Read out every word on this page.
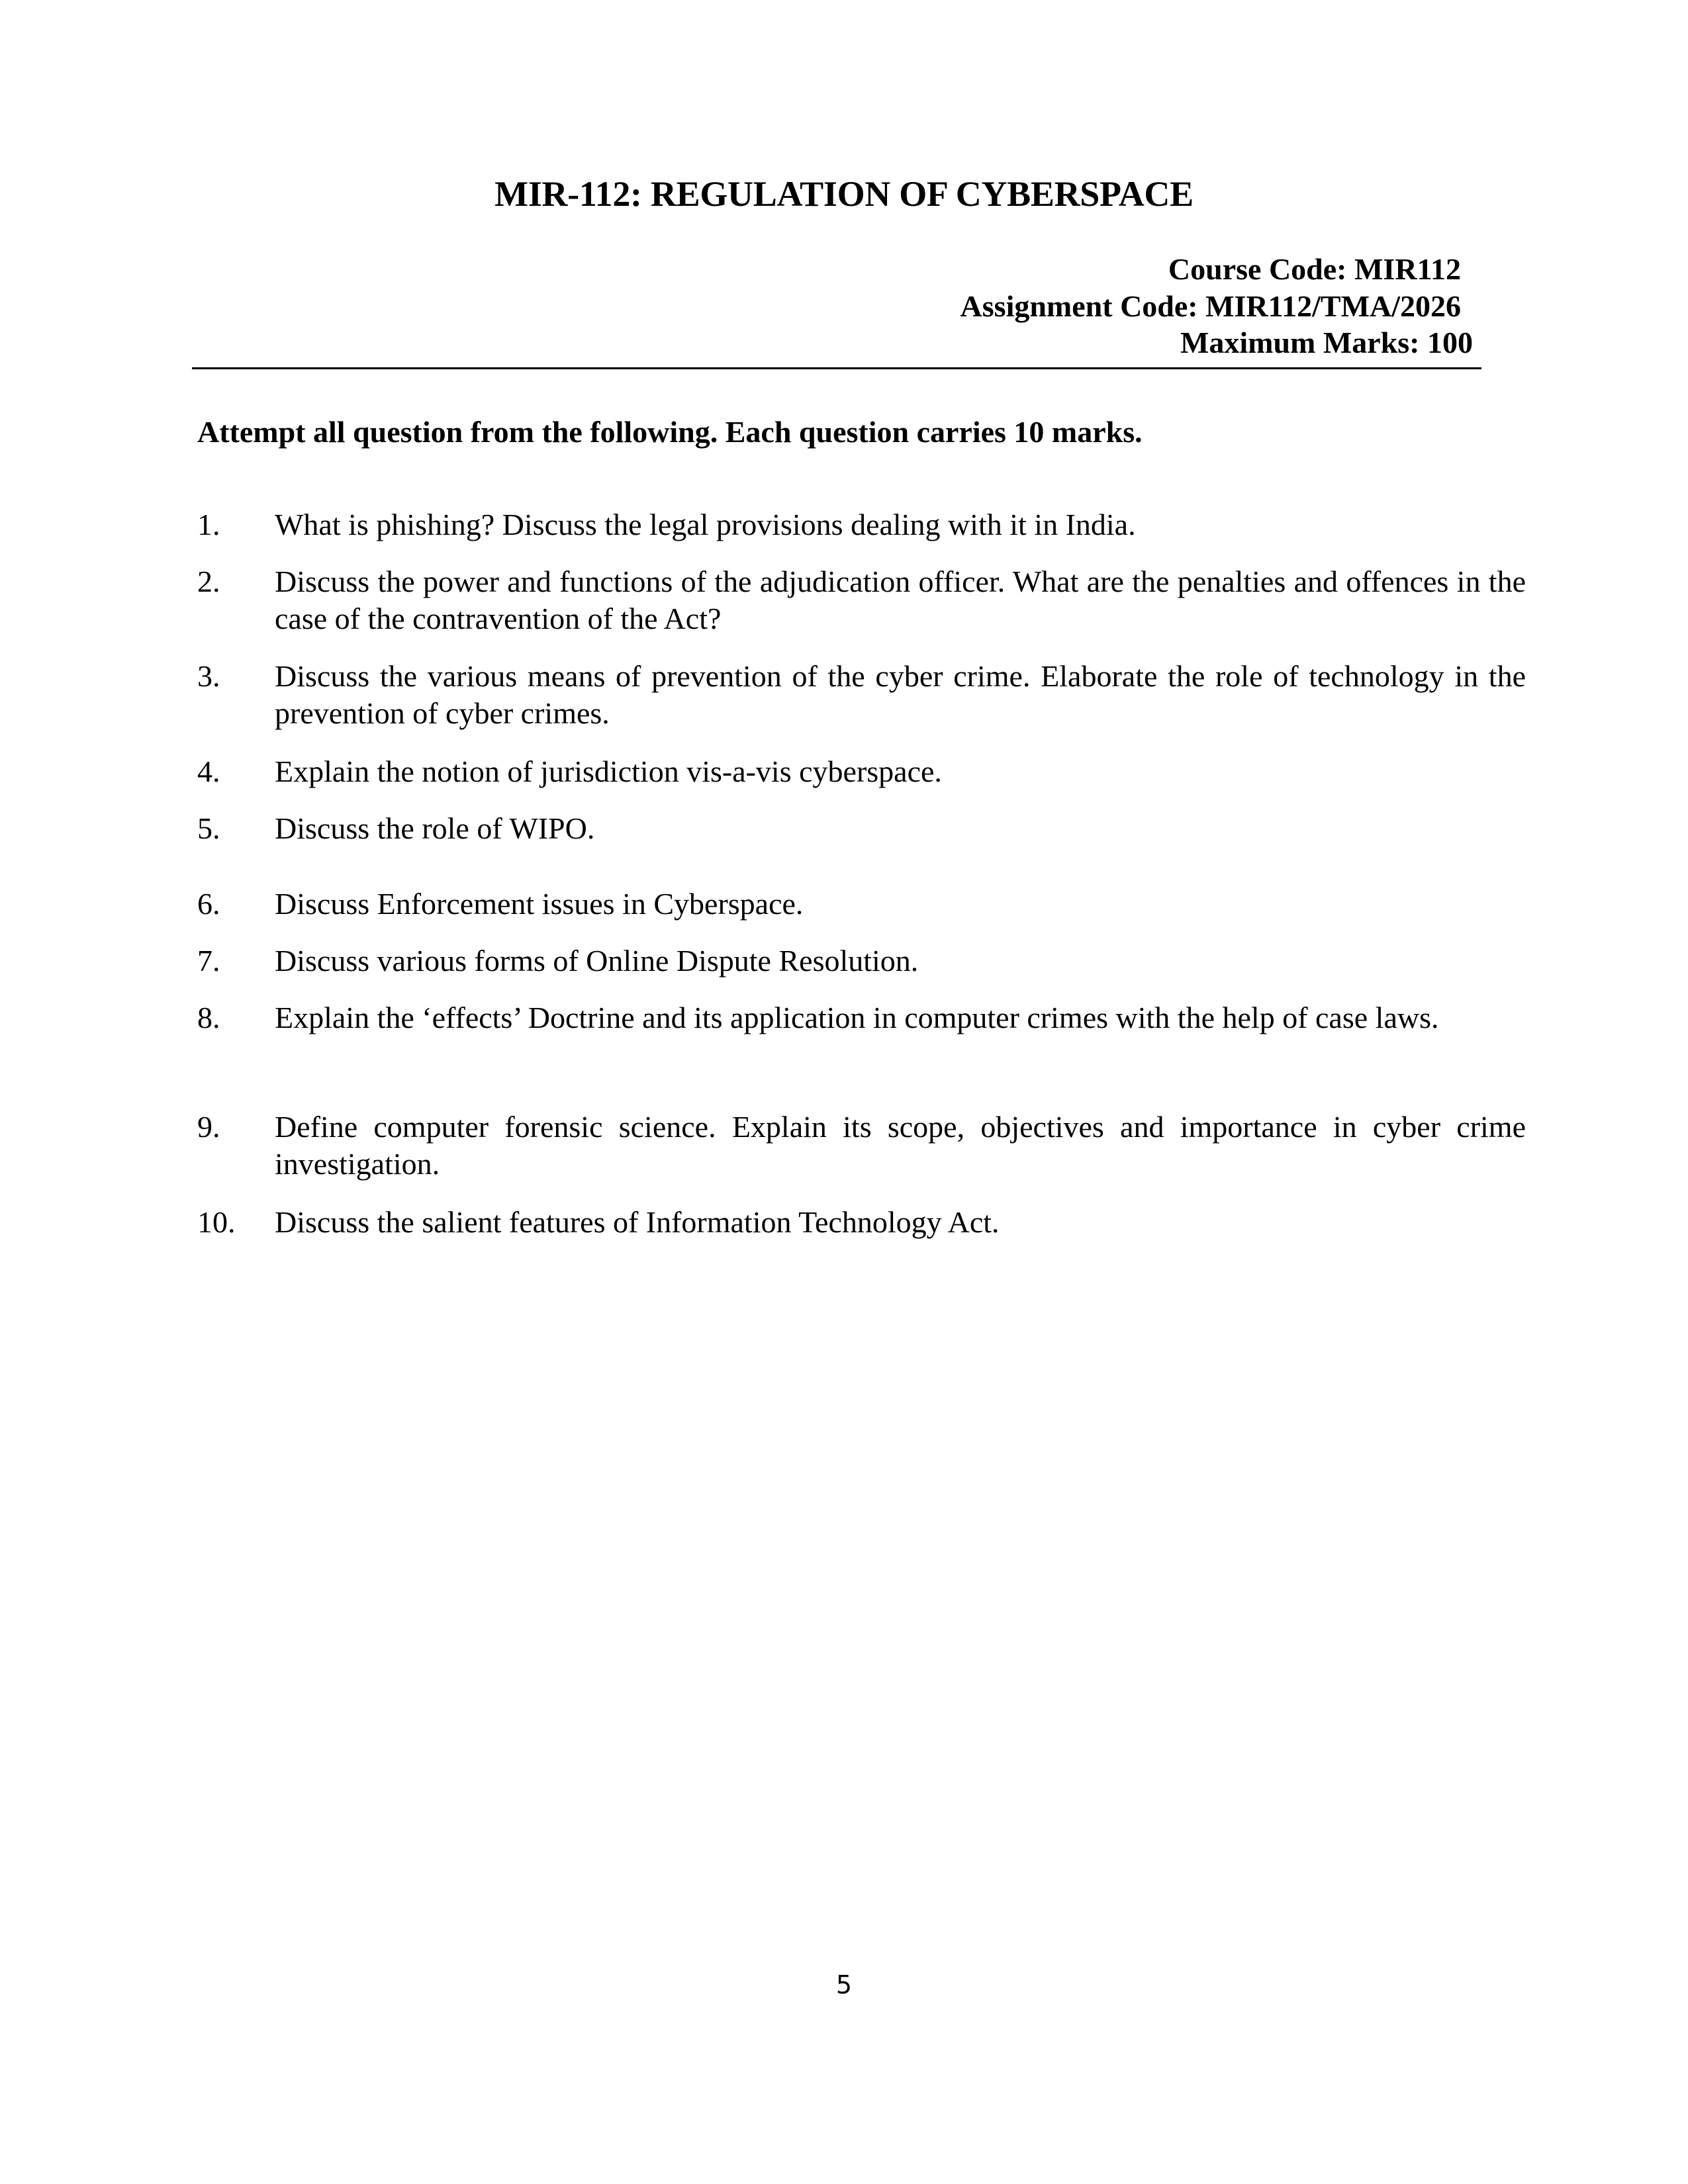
MIR-112: REGULATION OF CYBERSPACE
Course Code: MIR112
Assignment Code: MIR112/TMA/2026
Maximum Marks: 100
Attempt all question from the following. Each question carries 10 marks.
1. What is phishing? Discuss the legal provisions dealing with it in India.
2. Discuss the power and functions of the adjudication officer. What are the penalties and offences in the case of the contravention of the Act?
3. Discuss the various means of prevention of the cyber crime. Elaborate the role of technology in the prevention of cyber crimes.
4. Explain the notion of jurisdiction vis-a-vis cyberspace.
5. Discuss the role of WIPO.
6. Discuss Enforcement issues in Cyberspace.
7. Discuss various forms of Online Dispute Resolution.
8. Explain the ‘effects’ Doctrine and its application in computer crimes with the help of case laws.
9. Define computer forensic science. Explain its scope, objectives and importance in cyber crime investigation.
10. Discuss the salient features of Information Technology Act.
5
